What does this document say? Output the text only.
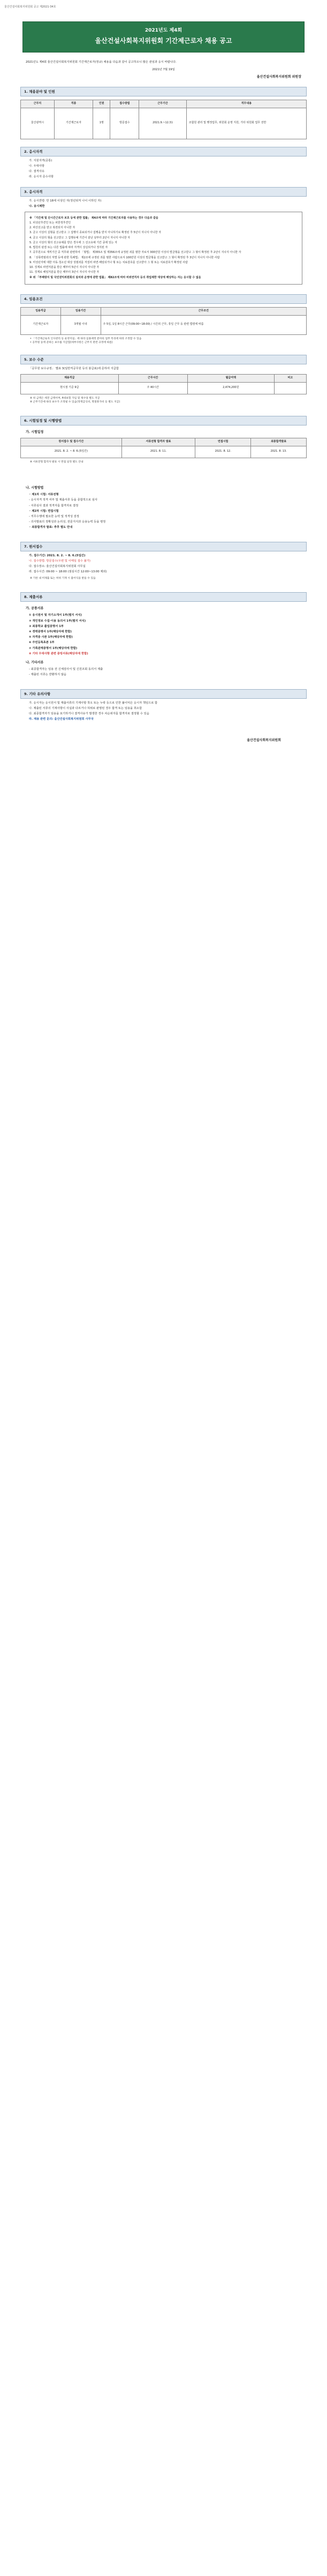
울산건설사회복지위원회 공고 제2021-34호
2021년도 제4회
울산건설사회복지위원회 기간제근로자 채용 공고

2021년도 제4회 울산건설사회복지위원회 기간제근로자(정규) 채용을 다음과 같이 공고하오니 많은 관심과 응시 바랍니다.

2021년 7월 19일
울산건설사회복지위원회 위원장
1. 채용분야 및 인원
근무지	직종	인원	접수방법	근무기간	직무내용
울산광역시	기간제근로자	1명	방문접수	2021.9.~12.31	조합원 관리 및 행정업무, 위원회 운영 지원, 기타 위원회 업무 전반
2. 응시자격
가. 지원자격(공통)
나. 우대사항
다. 결격사유
라. 응시자 준수사항
3. 응시자격
가. 응시연령: 만 18세 이상인 자(정년퇴직 나이 이하인 자)
나. 응시제한
※ 「기간제 및 단시간근로자 보호 등에 관한 법률」 제4조에 따라 기간제근로자를 사용하는 경우 다음과 같음
1. 피성년후견인 또는 피한정후견인
2. 파산선고를 받고 복권되지 아니한 자
3. 금고 이상의 실형을 선고받고 그 집행이 종료되거나 집행을 받지 아니하기로 확정된 후 5년이 지나지 아니한 자
4. 금고 이상의 형을 선고받고 그 집행유예 기간이 끝난 날부터 2년이 지나지 아니한 자
5. 금고 이상의 형의 선고유예를 받은 경우에 그 선고유예 기간 중에 있는 자
6. 법원의 판결 또는 다른 법률에 따라 자격이 상실되거나 정지된 자
7. 공무원으로 재직기간 중 직무와 관련하여 「형법」 제355조 및 제356조에 규정된 죄를 범한 자로서 300만원 이상의 벌금형을 선고받고 그 형이 확정된 후 2년이 지나지 아니한 자
8. 「성폭력범죄의 처벌 등에 관한 특례법」 제2조에 규정된 죄를 범한 사람으로서 100만원 이상의 벌금형을 선고받고 그 형이 확정된 후 3년이 지나지 아니한 사람
9. 미성년자에 대한 아동·청소년 대상 성범죄를 저질러 파면·해임되거나 형 또는 치료감호를 선고받아 그 형 또는 치료감호가 확정된 사람
10. 징계로 파면처분을 받은 때부터 5년이 지나지 아니한 자
11. 징계로 해임처분을 받은 때부터 3년이 지나지 아니한 자
※ 위 「부패방지 및 국민권익위원회의 설치와 운영에 관한 법률」 제82조에 따라 비위면직자 등의 취업제한 대상에 해당하는 자는 응시할 수 없음
4. 임용조건
임용직급	임용기간	근무조건
기간제근로자	3개월 이내	주 5일, 1일 8시간 근무(09:00~18:00) / 시간외 근무, 휴일 근무 등 관련 법령에 따름
• 「기간제근로자 인사관리 등 운영지침」에 따라 임용예정 분야의 업무 특성에 따라 조정할 수 있음
• 공무원 등에 준하는 보수를 지급함(세부사항은 근무지 관련 규정에 따름)
5. 보수 수준
「공무원 보수규정」 별표 3(일반직공무원 등의 봉급표)에 준하여 지급함
채용직급	근무시간	월급여액	비고
현시점 기준 9급	주 40시간	2,474,200원	
※ 위 금액은 세전 금액이며, 4대보험 가입 및 제수당 별도 지급
※ 근무기간에 따라 보수가 조정될 수 있음(정액급식비, 명절휴가비 등 별도 지급)
6. 시험일정 및 시행방법
가. 시험일정
원서접수 및 접수기간	서류전형 합격자 발표	면접시험	최종합격발표
2021. 8. 2. ~ 8. 6.(5일간)	2021. 8. 11.	2021. 8. 12.	2021. 8. 13.
※ 서류전형 합격자 발표 시 면접 일정 별도 안내
나. 시험방법
◦ 제1차 시험: 서류전형
- 응시자격 적격 여부 및 제출서류 등을 종합적으로 심사
- 서류심사 결과 적격자를 합격자로 결정
◦ 제2차 시험: 면접시험
- 직무수행에 필요한 능력 및 적격성 검정
- 의사발표의 정확성과 논리성, 전문지식과 응용능력 등을 평정
◦ 최종합격자 발표: 추후 별도 안내
7. 원서접수
가. 접수기간: 2021. 8. 2. ~ 8. 6.(5일간)
나. 접수방법: 방문접수(우편 및 이메일 접수 불가)
다. 접수장소: 울산건설사회복지위원회 사무실
라. 접수시간: 09:00 ~ 18:00 (점심시간 12:00~13:00 제외)
※ 기한 내 미제출 또는 허위 기재 시 불이익을 받을 수 있음
8. 제출서류
가. 공통서류
① 응시원서 및 자기소개서 1부(별지 서식)
② 개인정보 수집·이용 동의서 1부(별지 서식)
③ 최종학교 졸업증명서 1부
④ 경력증명서 1부(해당자에 한함)
⑤ 자격증 사본 1부(해당자에 한함)
⑥ 주민등록초본 1부
⑦ 가족관계증명서 1부(해당자에 한함)
⑧ 기타 우대사항 관련 증빙서류(해당자에 한함)
나. 기타서류
- 최종합격자는 임용 전 신체검사서 및 신원조회 동의서 제출
- 제출된 서류는 반환하지 않음
9. 기타 유의사항
가. 응시자는 응시원서 및 제출서류의 기재사항 착오 또는 누락 등으로 인한 불이익은 응시자 책임으로 함
나. 제출된 서류의 기재사항이 사실과 다르거나 허위로 판명된 경우 합격 또는 임용을 취소함
다. 최종합격자가 임용을 포기하거나 결격사유가 발생한 경우 차순위자를 합격자로 결정할 수 있음
라. 채용 관련 문의: 울산건설사회복지위원회 사무국
울산건설사회복지위원회
